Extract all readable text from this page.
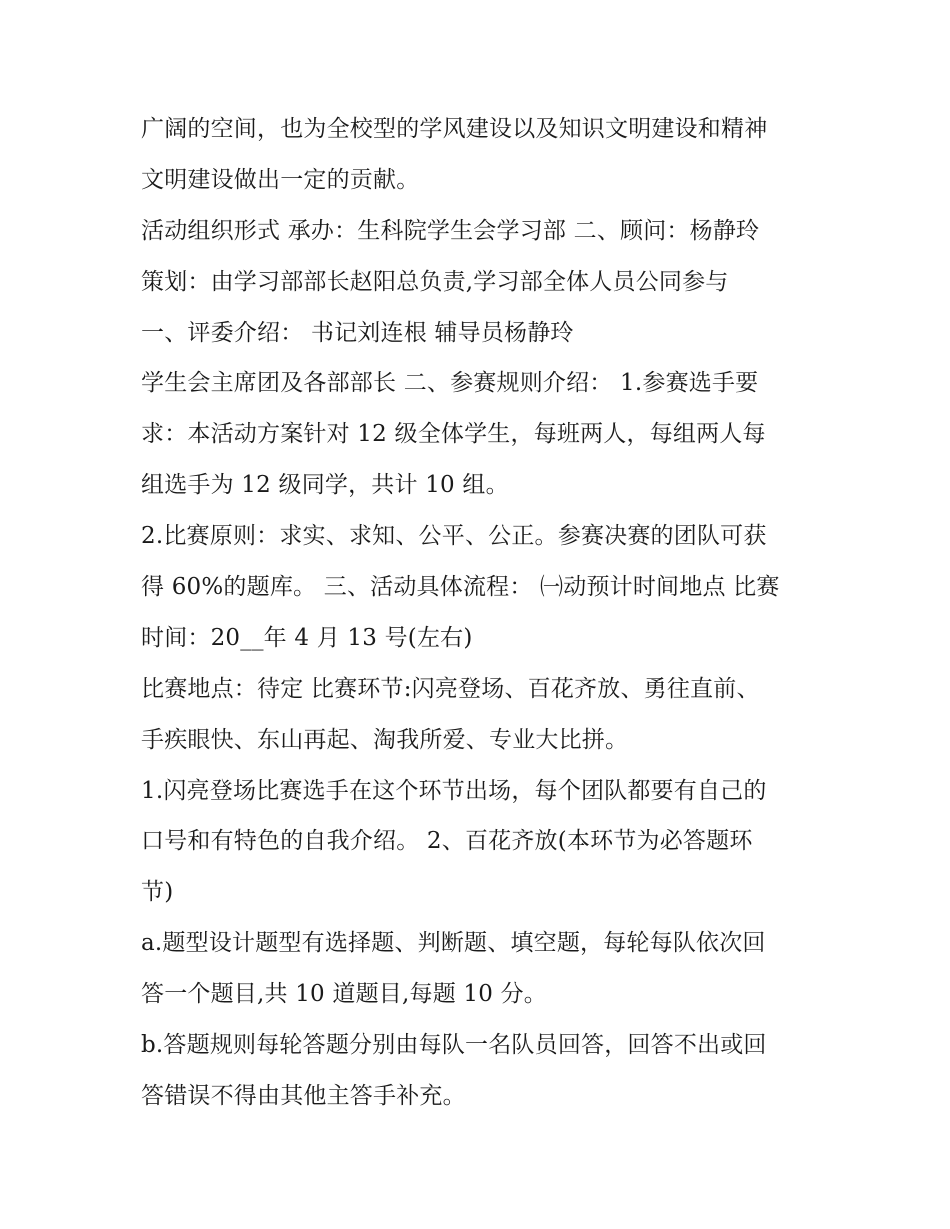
广阔的空间，也为全校型的学风建设以及知识文明建设和精神
文明建设做出一定的贡献。
活动组织形式 承办：生科院学生会学习部 二、顾问：杨静玲
策划：由学习部部长赵阳总负责,学习部全体人员公同参与
一、评委介绍： 书记刘连根 辅导员杨静玲
学生会主席团及各部部长 二、参赛规则介绍： 1.参赛选手要
求：本活动方案针对 12 级全体学生，每班两人，每组两人每
组选手为 12 级同学，共计 10 组。
2.比赛原则：求实、求知、公平、公正。参赛决赛的团队可获
得 60%的题库。 三、活动具体流程： ㈠动预计时间地点 比赛
时间：20__年 4 月 13 号(左右)
比赛地点：待定 比赛环节:闪亮登场、百花齐放、勇往直前、
手疾眼快、东山再起、淘我所爱、专业大比拼。
1.闪亮登场比赛选手在这个环节出场，每个团队都要有自己的
口号和有特色的自我介绍。 2、百花齐放(本环节为必答题环
节)
a.题型设计题型有选择题、判断题、填空题，每轮每队依次回
答一个题目,共 10 道题目,每题 10 分。
b.答题规则每轮答题分别由每队一名队员回答，回答不出或回
答错误不得由其他主答手补充。
